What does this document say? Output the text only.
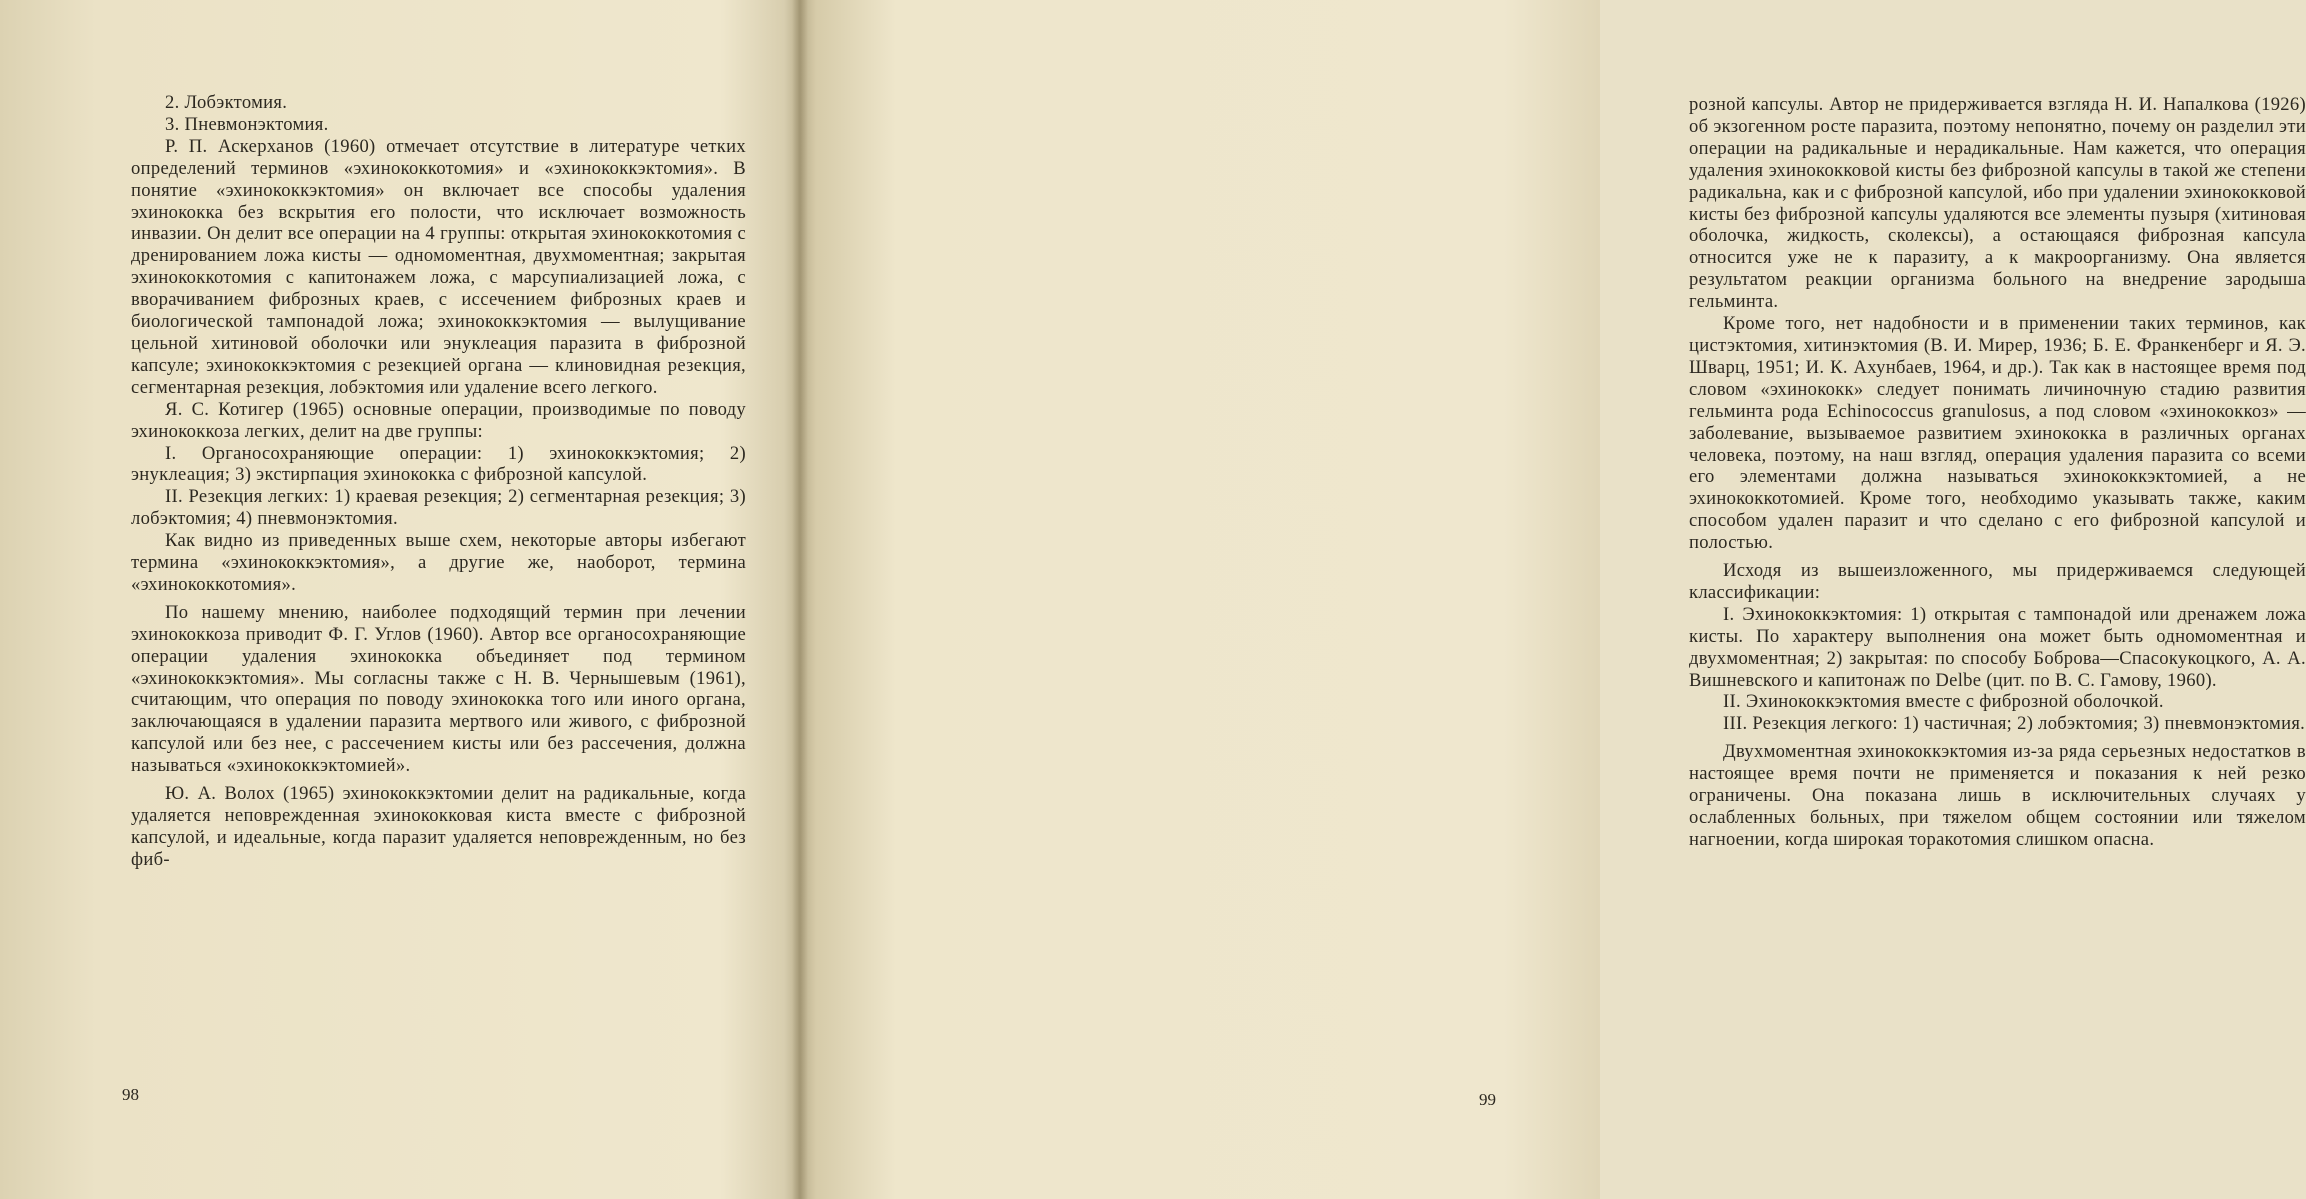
2. Лобэктомия.

3. Пневмонэктомия.

Р. П. Аскерханов (1960) отмечает отсутствие в литературе четких определений терминов «эхинококкотомия» и «эхинококкэктомия». В понятие «эхинококкэктомия» он включает все способы удаления эхинококка без вскрытия его полости, что исключает возможность инвазии. Он делит все операции на 4 группы: открытая эхинококкотомия с дренированием ложа кисты — одномоментная, двухмоментная; закрытая эхинококкотомия с капитонажем ложа, с марсупиализацией ложа, с вворачиванием фиброзных краев, с иссечением фиброзных краев и биологической тампонадой ложа; эхинококкэктомия — вылущивание цельной хитиновой оболочки или энуклеация паразита в фиброзной капсуле; эхинококкэктомия с резекцией органа — клиновидная резекция, сегментарная резекция, лобэктомия или удаление всего легкого.

Я. С. Котигер (1965) основные операции, производимые по поводу эхинококкоза легких, делит на две группы:

I. Органосохраняющие операции: 1) эхинококкэктомия; 2) энуклеация; 3) экстирпация эхинококка с фиброзной капсулой.

II. Резекция легких: 1) краевая резекция; 2) сегментарная резекция; 3) лобэктомия; 4) пневмонэктомия.

Как видно из приведенных выше схем, некоторые авторы избегают термина «эхинококкэктомия», а другие же, наоборот, термина «эхинококкотомия».

По нашему мнению, наиболее подходящий термин при лечении эхинококкоза приводит Ф. Г. Углов (1960). Автор все органосохраняющие операции удаления эхинококка объединяет под термином «эхинококкэктомия». Мы согласны также с Н. В. Чернышевым (1961), считающим, что операция по поводу эхинококка того или иного органа, заключающаяся в удалении паразита мертвого или живого, с фиброзной капсулой или без нее, с рассечением кисты или без рассечения, должна называться «эхинококкэктомией».

Ю. А. Волох (1965) эхинококкэктомии делит на радикальные, когда удаляется неповрежденная эхинококковая киста вместе с фиброзной капсулой, и идеальные, когда паразит удаляется неповрежденным, но без фиб-

розной капсулы. Автор не придерживается взгляда Н. И. Напалкова (1926) об экзогенном росте паразита, поэтому непонятно, почему он разделил эти операции на радикальные и нерадикальные. Нам кажется, что операция удаления эхинококковой кисты без фиброзной капсулы в такой же степени радикальна, как и с фиброзной капсулой, ибо при удалении эхинококковой кисты без фиброзной капсулы удаляются все элементы пузыря (хитиновая оболочка, жидкость, сколексы), а остающаяся фиброзная капсула относится уже не к паразиту, а к макроорганизму. Она является результатом реакции организма больного на внедрение зародыша гельминта.

Кроме того, нет надобности и в применении таких терминов, как цистэктомия, хитинэктомия (В. И. Мирер, 1936; Б. Е. Франкенберг и Я. Э. Шварц, 1951; И. К. Ахунбаев, 1964, и др.). Так как в настоящее время под словом «эхинококк» следует понимать личиночную стадию развития гельминта рода Echinococcus granulosus, а под словом «эхинококкоз» — заболевание, вызываемое развитием эхинококка в различных органах человека, поэтому, на наш взгляд, операция удаления паразита со всеми его элементами должна называться эхинококкэктомией, а не эхинококкотомией. Кроме того, необходимо указывать также, каким способом удален паразит и что сделано с его фиброзной капсулой и полостью.

Исходя из вышеизложенного, мы придерживаемся следующей классификации:

I. Эхинококкэктомия: 1) открытая с тампонадой или дренажем ложа кисты. По характеру выполнения она может быть одномоментная и двухмоментная; 2) закрытая: по способу Боброва—Спасокукоцкого, А. А. Вишневского и капитонаж по Delbe (цит. по В. С. Гамову, 1960).

II. Эхинококкэктомия вместе с фиброзной оболочкой.

III. Резекция легкого: 1) частичная; 2) лобэктомия; 3) пневмонэктомия.

Двухмоментная эхинококкэктомия из-за ряда серьезных недостатков в настоящее время почти не применяется и показания к ней резко ограничены. Она показана лишь в исключительных случаях у ослабленных больных, при тяжелом общем состоянии или тяжелом нагноении, когда широкая торакотомия слишком опасна.

98	99
